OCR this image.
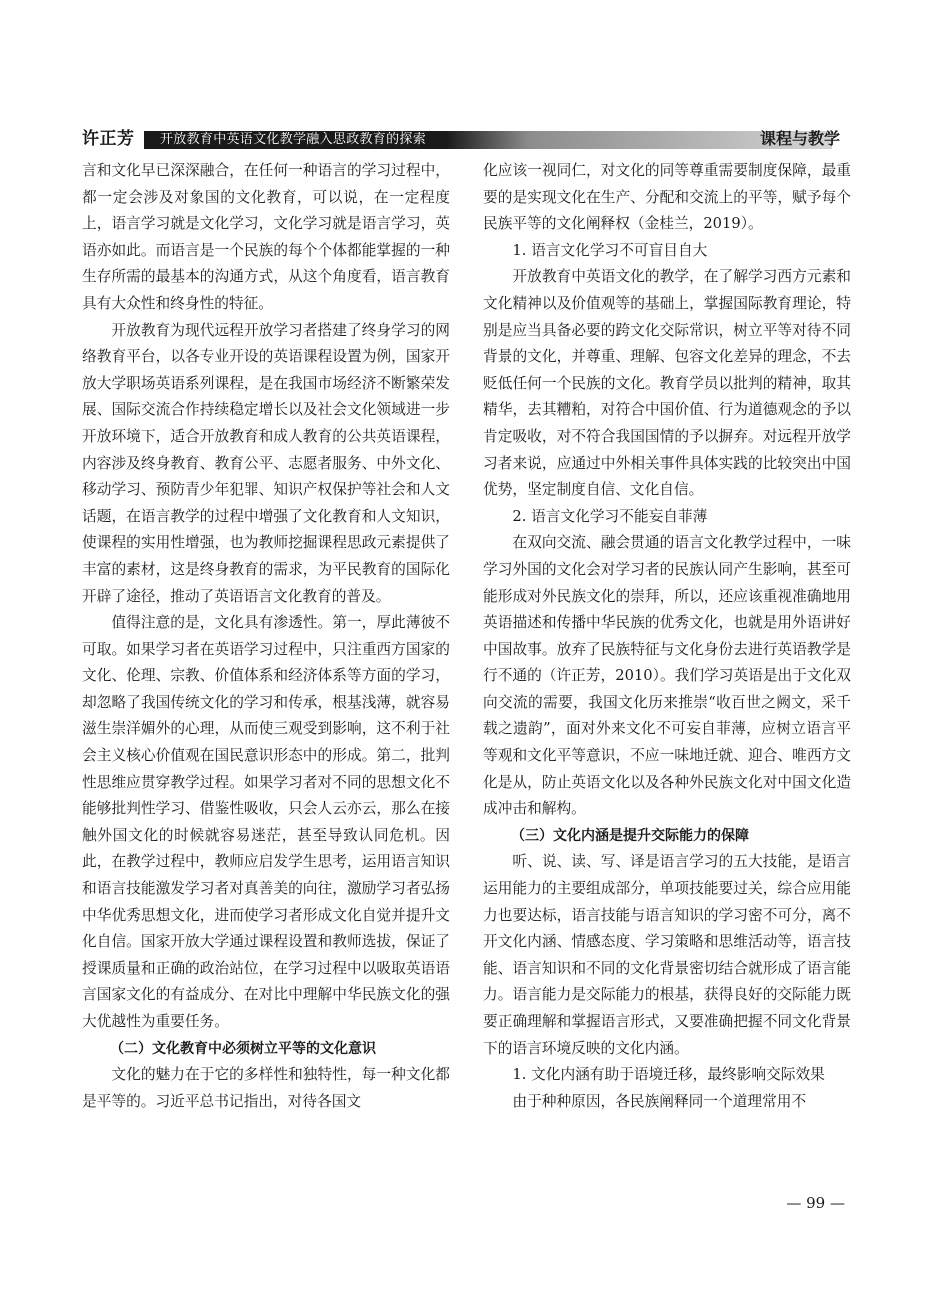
许正芳 开放教育中英语文化教学融入思政教育的探索	课程与教学

言和文化早已深深融合，在任何一种语言的学习过程中，都一定会涉及对象国的文化教育，可以说，在一定程度上，语言学习就是文化学习，文化学习就是语言学习，英语亦如此。而语言是一个民族的每个个体都能掌握的一种生存所需的最基本的沟通方式，从这个角度看，语言教育具有大众性和终身性的特征。

开放教育为现代远程开放学习者搭建了终身学习的网络教育平台，以各专业开设的英语课程设置为例，国家开放大学职场英语系列课程，是在我国市场经济不断繁荣发展、国际交流合作持续稳定增长以及社会文化领域进一步开放环境下，适合开放教育和成人教育的公共英语课程，内容涉及终身教育、教育公平、志愿者服务、中外文化、移动学习、预防青少年犯罪、知识产权保护等社会和人文话题，在语言教学的过程中增强了文化教育和人文知识，使课程的实用性增强，也为教师挖掘课程思政元素提供了丰富的素材，这是终身教育的需求，为平民教育的国际化开辟了途径，推动了英语语言文化教育的普及。

值得注意的是，文化具有渗透性。第一，厚此薄彼不可取。如果学习者在英语学习过程中，只注重西方国家的文化、伦理、宗教、价值体系和经济体系等方面的学习，却忽略了我国传统文化的学习和传承，根基浅薄，就容易滋生崇洋媚外的心理，从而使三观受到影响，这不利于社会主义核心价值观在国民意识形态中的形成。第二，批判性思维应贯穿教学过程。如果学习者对不同的思想文化不能够批判性学习、借鉴性吸收，只会人云亦云，那么在接触外国文化的时候就容易迷茫，甚至导致认同危机。因此，在教学过程中，教师应启发学生思考，运用语言知识和语言技能激发学习者对真善美的向往，激励学习者弘扬中华优秀思想文化，进而使学习者形成文化自觉并提升文化自信。国家开放大学通过课程设置和教师选拔，保证了授课质量和正确的政治站位，在学习过程中以吸取英语语言国家文化的有益成分、在对比中理解中华民族文化的强大优越性为重要任务。

（二）文化教育中必须树立平等的文化意识

文化的魅力在于它的多样性和独特性，每一种文化都是平等的。习近平总书记指出，对待各国文

化应该一视同仁，对文化的同等尊重需要制度保障，最重要的是实现文化在生产、分配和交流上的平等，赋予每个民族平等的文化阐释权（金桂兰，2019）。

1. 语言文化学习不可盲目自大

开放教育中英语文化的教学，在了解学习西方元素和文化精神以及价值观等的基础上，掌握国际教育理论，特别是应当具备必要的跨文化交际常识，树立平等对待不同背景的文化，并尊重、理解、包容文化差异的理念，不去贬低任何一个民族的文化。教育学员以批判的精神，取其精华，去其糟粕，对符合中国价值、行为道德观念的予以肯定吸收，对不符合我国国情的予以摒弃。对远程开放学习者来说，应通过中外相关事件具体实践的比较突出中国优势，坚定制度自信、文化自信。

2. 语言文化学习不能妄自菲薄

在双向交流、融会贯通的语言文化教学过程中，一味学习外国的文化会对学习者的民族认同产生影响，甚至可能形成对外民族文化的崇拜，所以，还应该重视准确地用英语描述和传播中华民族的优秀文化，也就是用外语讲好中国故事。放弃了民族特征与文化身份去进行英语教学是行不通的（许正芳，2010）。我们学习英语是出于文化双向交流的需要，我国文化历来推崇“收百世之阙文，采千载之遗韵”，面对外来文化不可妄自菲薄，应树立语言平等观和文化平等意识，不应一味地迁就、迎合、唯西方文化是从，防止英语文化以及各种外民族文化对中国文化造成冲击和解构。

（三）文化内涵是提升交际能力的保障

听、说、读、写、译是语言学习的五大技能，是语言运用能力的主要组成部分，单项技能要过关，综合应用能力也要达标，语言技能与语言知识的学习密不可分，离不开文化内涵、情感态度、学习策略和思维活动等，语言技能、语言知识和不同的文化背景密切结合就形成了语言能力。语言能力是交际能力的根基，获得良好的交际能力既要正确理解和掌握语言形式，又要准确把握不同文化背景下的语言环境反映的文化内涵。

1. 文化内涵有助于语境迁移，最终影响交际效果

由于种种原因，各民族阐释同一个道理常用不

— 99 —
